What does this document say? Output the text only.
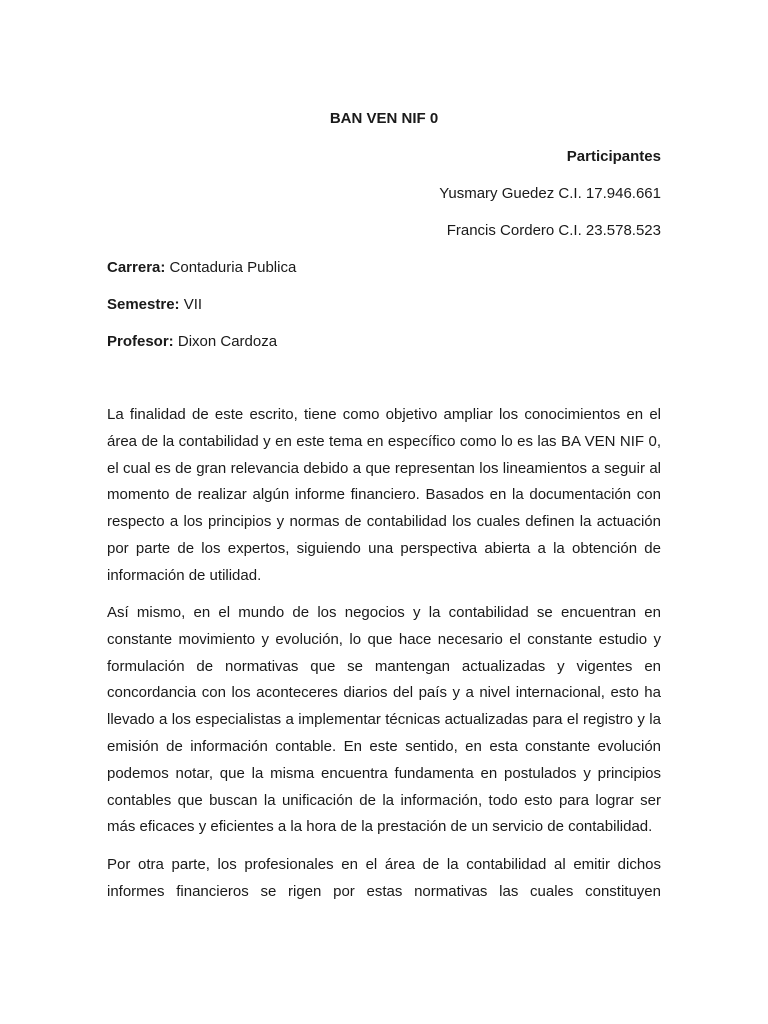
BAN VEN NIF 0
Participantes
Yusmary Guedez C.I. 17.946.661
Francis Cordero C.I. 23.578.523
Carrera: Contaduria Publica
Semestre: VII
Profesor: Dixon Cardoza

La finalidad de este escrito, tiene como objetivo ampliar los conocimientos en el área de la contabilidad y en este tema en específico como lo es las BA VEN NIF 0, el cual es de gran relevancia debido a que representan los lineamientos a seguir al momento de realizar algún informe financiero. Basados en la documentación con respecto a los principios y normas de contabilidad los cuales definen la actuación por parte de los expertos, siguiendo una perspectiva abierta a la obtención de información de utilidad.

Así mismo, en el mundo de los negocios y la contabilidad se encuentran en constante movimiento y evolución, lo que hace necesario el constante estudio y formulación de normativas que se mantengan actualizadas y vigentes en concordancia con los aconteceres diarios del país y a nivel internacional, esto ha llevado a los especialistas a implementar técnicas actualizadas para el registro y la emisión de información contable. En este sentido, en esta constante evolución podemos notar, que la misma encuentra fundamenta en postulados y principios contables que buscan la unificación de la información, todo esto para lograr ser más eficaces y eficientes a la hora de la prestación de un servicio de contabilidad.

Por otra parte, los profesionales en el área de la contabilidad al emitir dichos informes financieros se rigen por estas normativas las cuales constituyen
